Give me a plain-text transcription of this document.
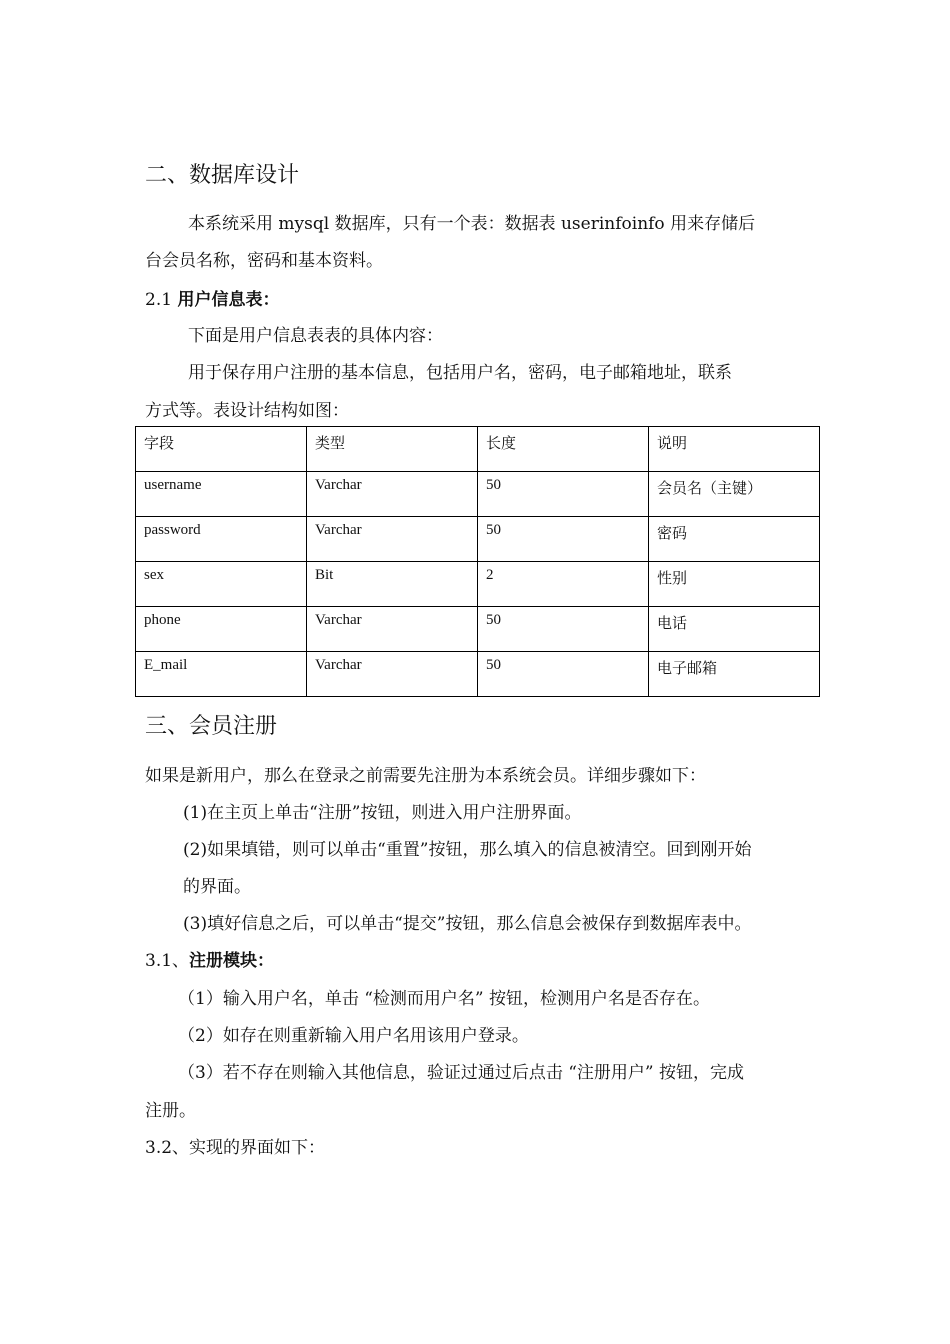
二、数据库设计
本系统采用 mysql 数据库，只有一个表：数据表 userinfoinfo 用来存储后
台会员名称，密码和基本资料。
2.1 用户信息表：
下面是用户信息表表的具体内容：
用于保存用户注册的基本信息，包括用户名，密码，电子邮箱地址，联系
方式等。表设计结构如图：
字段	类型	长度	说明
username	Varchar	50	会员名（主键）
password	Varchar	50	密码
sex	Bit	2	性别
phone	Varchar	50	电话
E_mail	Varchar	50	电子邮箱
三、会员注册
如果是新用户，那么在登录之前需要先注册为本系统会员。详细步骤如下：
(1)在主页上单击“注册”按钮，则进入用户注册界面。
(2)如果填错，则可以单击“重置”按钮，那么填入的信息被清空。回到刚开始
的界面。
(3)填好信息之后，可以单击“提交”按钮，那么信息会被保存到数据库表中。
3.1、注册模块：
（1）输入用户名，单击 “检测而用户名” 按钮，检测用户名是否存在。
（2）如存在则重新输入用户名用该用户登录。
（3）若不存在则输入其他信息，验证过通过后点击 “注册用户” 按钮，完成
注册。
3.2、实现的界面如下：
